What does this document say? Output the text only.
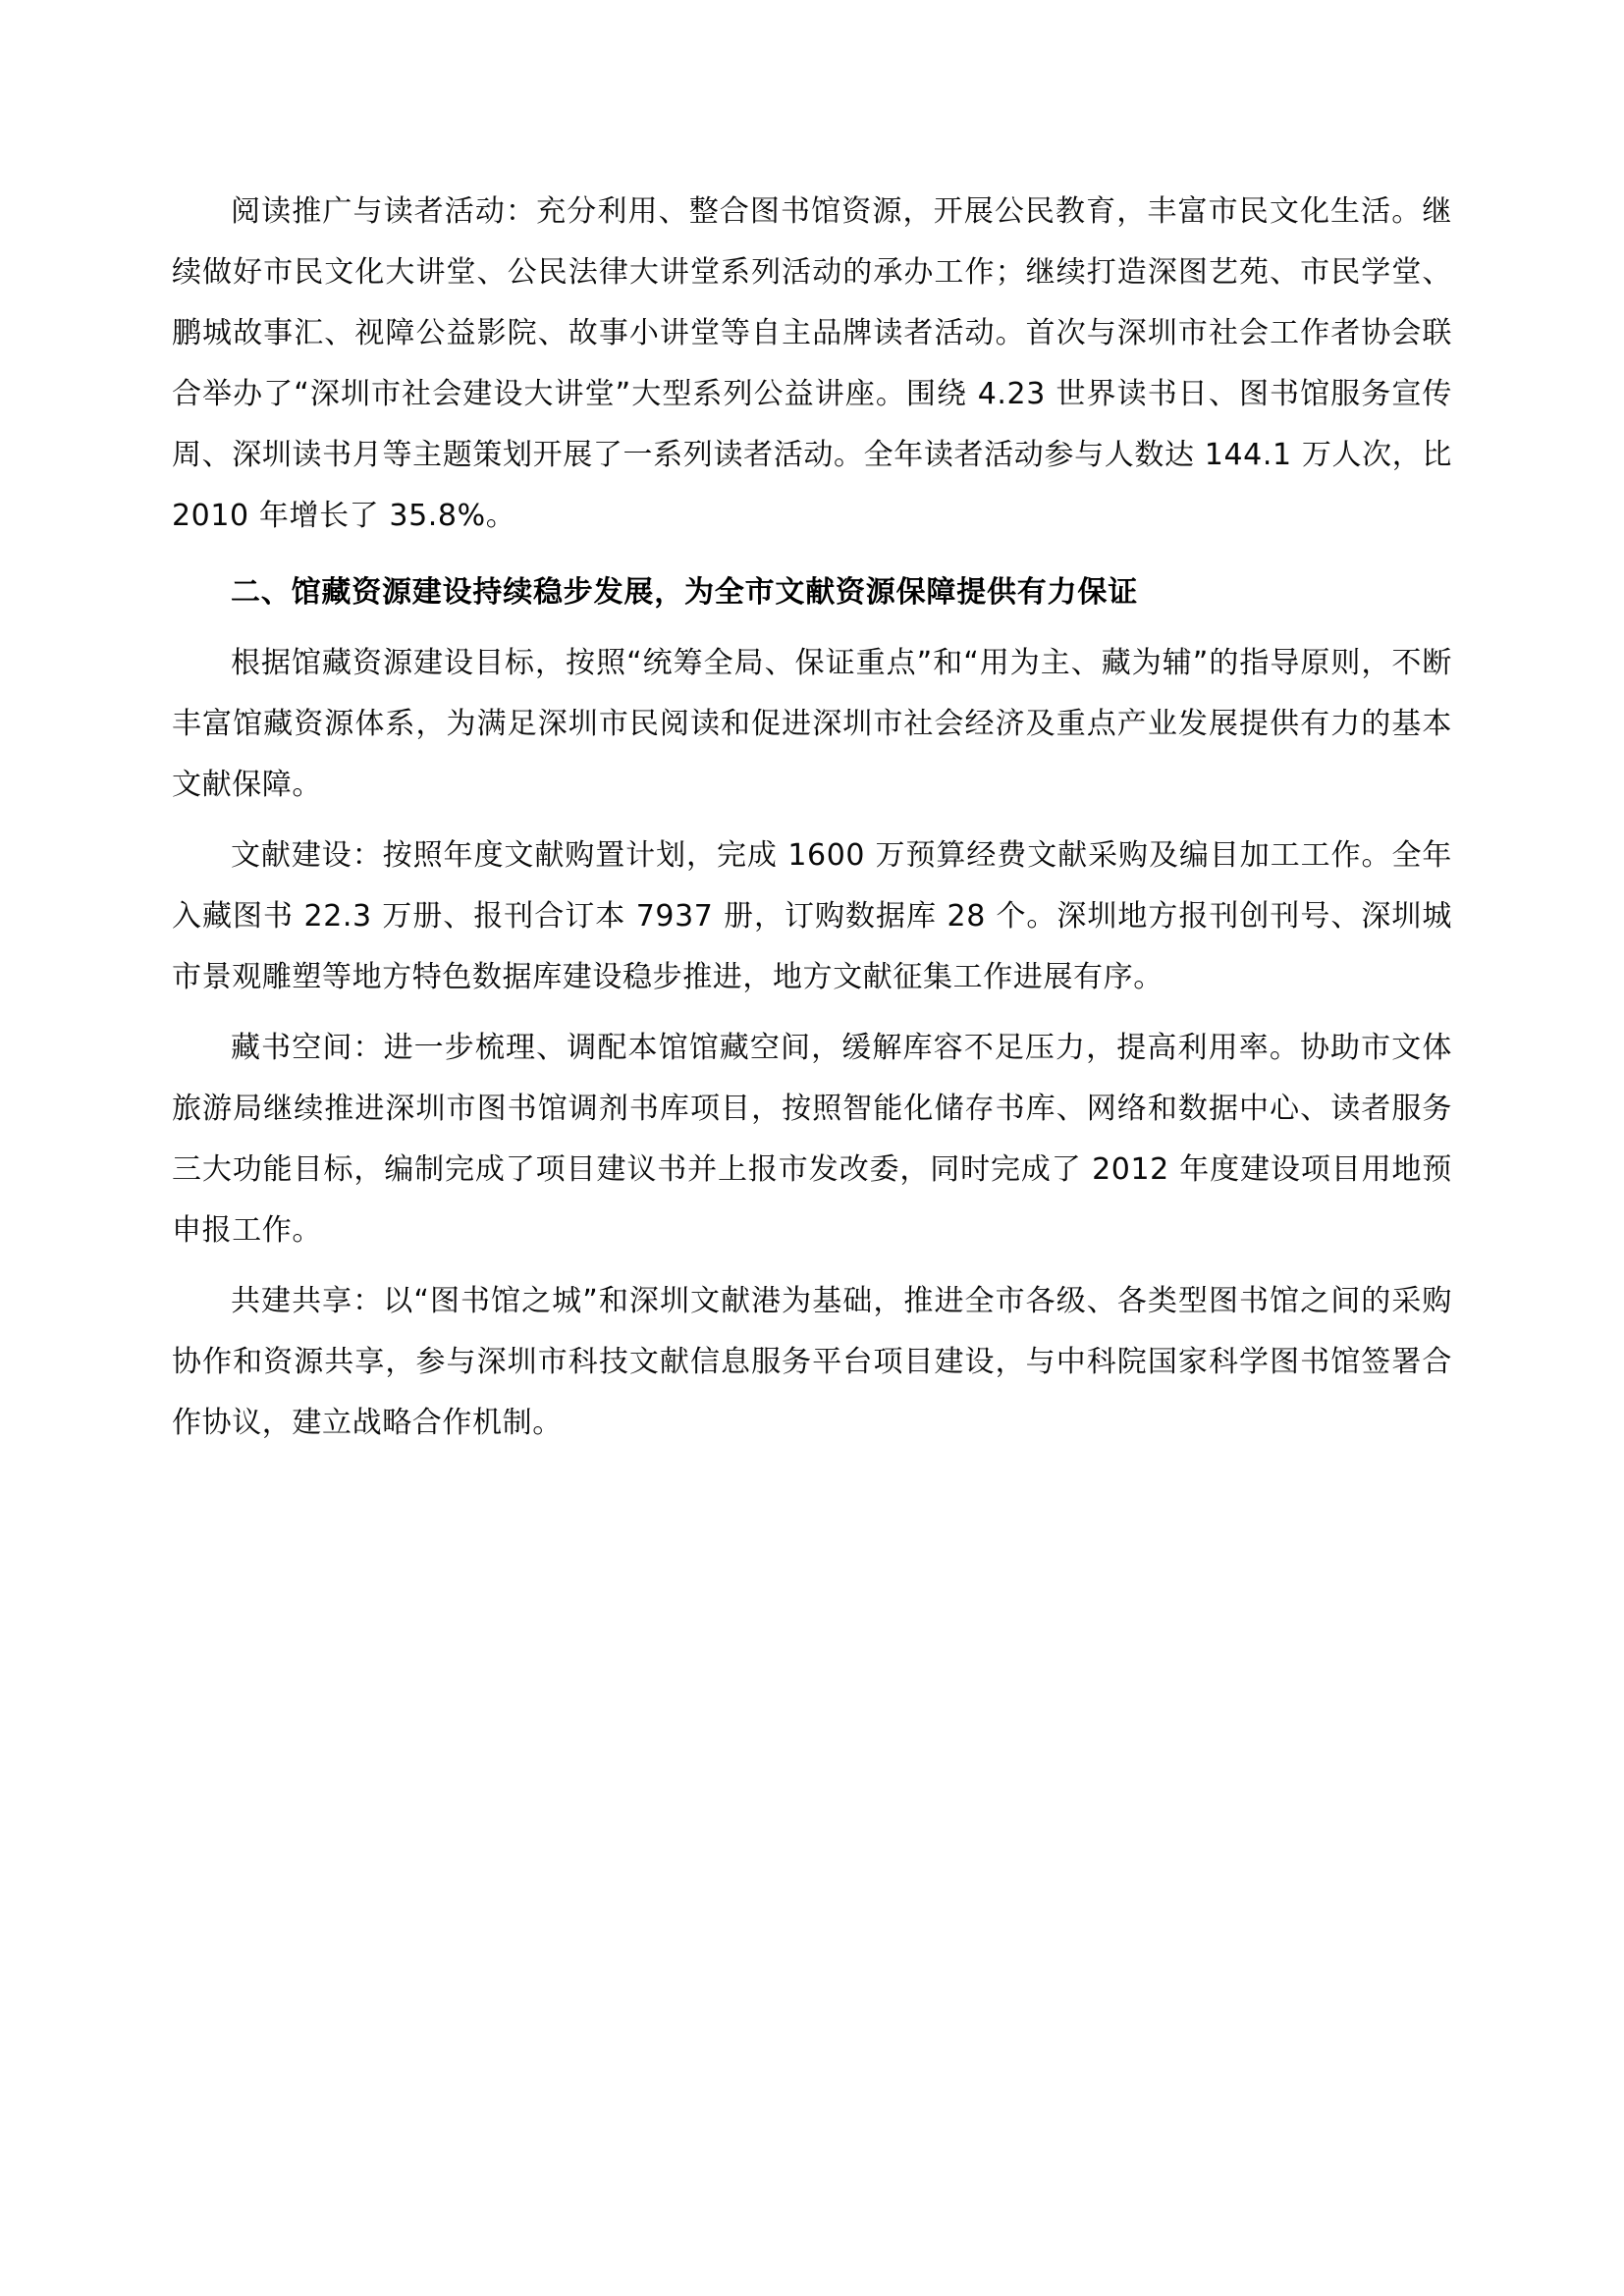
阅读推广与读者活动：充分利用、整合图书馆资源，开展公民教育，丰富市民文化生活。继续做好市民文化大讲堂、公民法律大讲堂系列活动的承办工作；继续打造深图艺苑、市民学堂、鹏城故事汇、视障公益影院、故事小讲堂等自主品牌读者活动。首次与深圳市社会工作者协会联合举办了“深圳市社会建设大讲堂”大型系列公益讲座。围绕 4.23 世界读书日、图书馆服务宣传周、深圳读书月等主题策划开展了一系列读者活动。全年读者活动参与人数达 144.1 万人次，比 2010 年增长了 35.8%。

二、馆藏资源建设持续稳步发展，为全市文献资源保障提供有力保证

根据馆藏资源建设目标，按照“统筹全局、保证重点”和“用为主、藏为辅”的指导原则，不断丰富馆藏资源体系，为满足深圳市民阅读和促进深圳市社会经济及重点产业发展提供有力的基本文献保障。

文献建设：按照年度文献购置计划，完成 1600 万预算经费文献采购及编目加工工作。全年入藏图书 22.3 万册、报刊合订本 7937 册，订购数据库 28 个。深圳地方报刊创刊号、深圳城市景观雕塑等地方特色数据库建设稳步推进，地方文献征集工作进展有序。

藏书空间：进一步梳理、调配本馆馆藏空间，缓解库容不足压力，提高利用率。协助市文体旅游局继续推进深圳市图书馆调剂书库项目，按照智能化储存书库、网络和数据中心、读者服务三大功能目标，编制完成了项目建议书并上报市发改委，同时完成了 2012 年度建设项目用地预申报工作。

共建共享：以“图书馆之城”和深圳文献港为基础，推进全市各级、各类型图书馆之间的采购协作和资源共享，参与深圳市科技文献信息服务平台项目建设，与中科院国家科学图书馆签署合作协议，建立战略合作机制。
